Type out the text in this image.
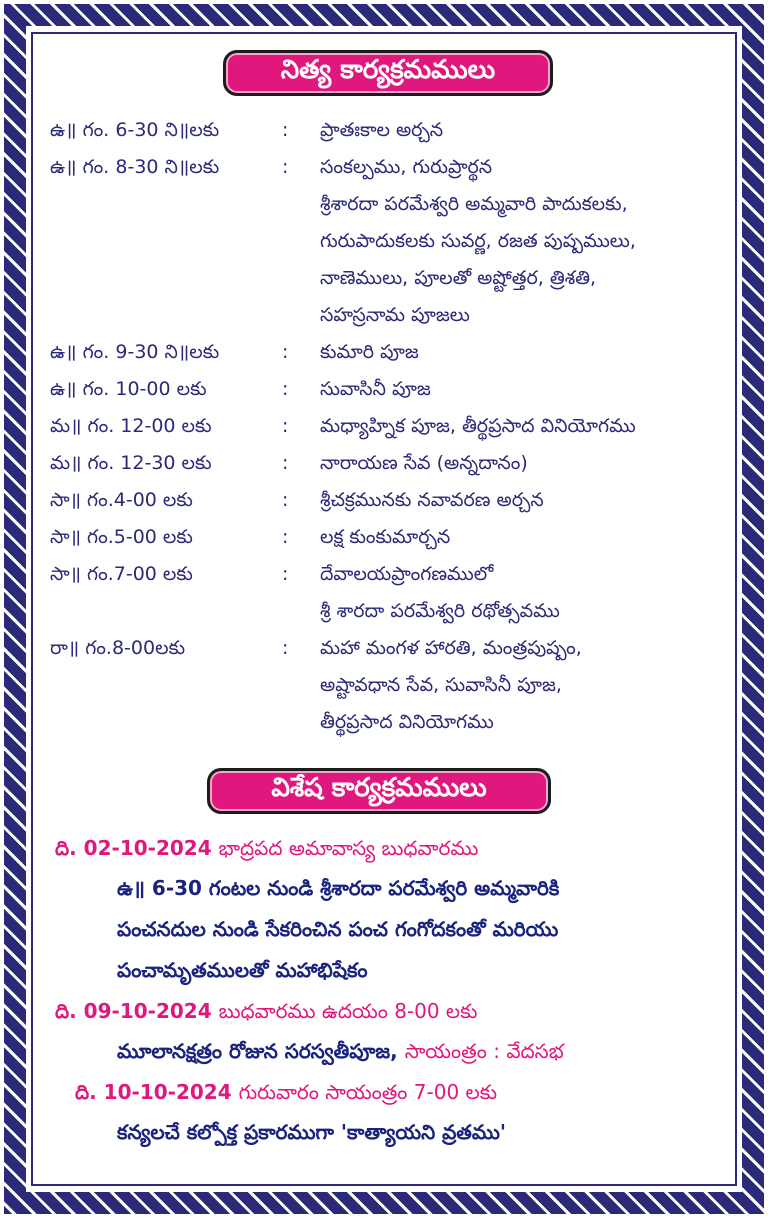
నిత్య కార్యక్రమములు
ఉ॥ గం. 6-30 ని॥లకు	:	ప్రాతఃకాల అర్చన
ఉ॥ గం. 8-30 ని॥లకు	:	సంకల్పము, గురుప్రార్థన
శ్రీశారదా పరమేశ్వరి అమ్మవారి పాదుకలకు,
గురుపాదుకలకు సువర్ణ, రజత పుష్పములు,
నాణెములు, పూలతో అష్టోత్తర, త్రిశతి,
సహస్రనామ పూజలు
ఉ॥ గం. 9-30 ని॥లకు	:	కుమారి పూజ
ఉ॥ గం. 10-00 లకు	:	సువాసినీ పూజ
మ॥ గం. 12-00 లకు	:	మధ్యాహ్నిక పూజ, తీర్థప్రసాద వినియోగము
మ॥ గం. 12-30 లకు	:	నారాయణ సేవ (అన్నదానం)
సా॥ గం.4-00 లకు	:	శ్రీచక్రమునకు నవావరణ అర్చన
సా॥ గం.5-00 లకు	:	లక్ష కుంకుమార్చన
సా॥ గం.7-00 లకు	:	దేవాలయప్రాంగణములో
శ్రీ శారదా పరమేశ్వరి రథోత్సవము
రా॥ గం.8-00లకు	:	మహా మంగళ హారతి, మంత్రపుష్పం,
అష్టావధాన సేవ, సువాసినీ పూజ,
తీర్థప్రసాద వినియోగము
విశేష కార్యక్రమములు
ది. 02-10-2024 భాద్రపద అమావాస్య బుధవారము
ఉ॥ 6-30 గంటల నుండి శ్రీశారదా పరమేశ్వరి అమ్మవారికి
పంచనదుల నుండి సేకరించిన పంచ గంగోదకంతో మరియు
పంచామృతములతో మహాభిషేకం
ది. 09-10-2024 బుధవారము ఉదయం 8-00 లకు
మూలానక్షత్రం రోజున సరస్వతీపూజ, సాయంత్రం : వేదసభ
ది. 10-10-2024 గురువారం సాయంత్రం 7-00 లకు
కన్యలచే కల్పోక్త ప్రకారముగా 'కాత్యాయని వ్రతము'
